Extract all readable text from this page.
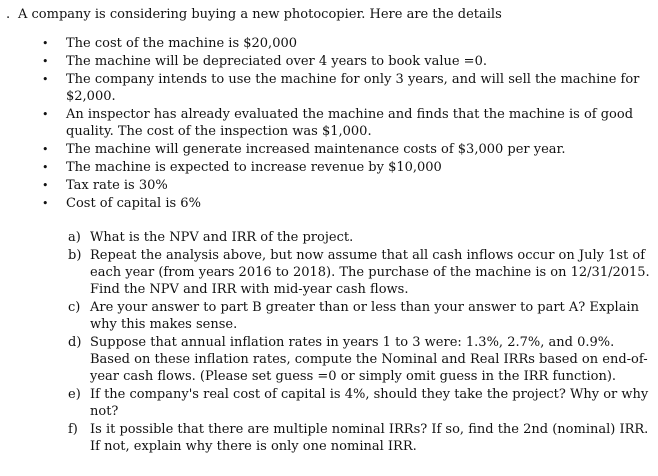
. A company is considering buying a new photocopier. Here are the details
• The cost of the machine is $20,000
• The machine will be depreciated over 4 years to book value =0.
• The company intends to use the machine for only 3 years, and will sell the machine for $2,000.
• An inspector has already evaluated the machine and finds that the machine is of good quality. The cost of the inspection was $1,000.
• The machine will generate increased maintenance costs of $3,000 per year.
• The machine is expected to increase revenue by $10,000
• Tax rate is 30%
• Cost of capital is 6%
a) What is the NPV and IRR of the project.
b) Repeat the analysis above, but now assume that all cash inflows occur on July 1st of each year (from years 2016 to 2018). The purchase of the machine is on 12/31/2015. Find the NPV and IRR with mid-year cash flows.
c) Are your answer to part B greater than or less than your answer to part A? Explain why this makes sense.
d) Suppose that annual inflation rates in years 1 to 3 were: 1.3%, 2.7%, and 0.9%. Based on these inflation rates, compute the Nominal and Real IRRs based on end-of-year cash flows. (Please set guess =0 or simply omit guess in the IRR function).
e) If the company's real cost of capital is 4%, should they take the project? Why or why not?
f) Is it possible that there are multiple nominal IRRs? If so, find the 2nd (nominal) IRR. If not, explain why there is only one nominal IRR.
